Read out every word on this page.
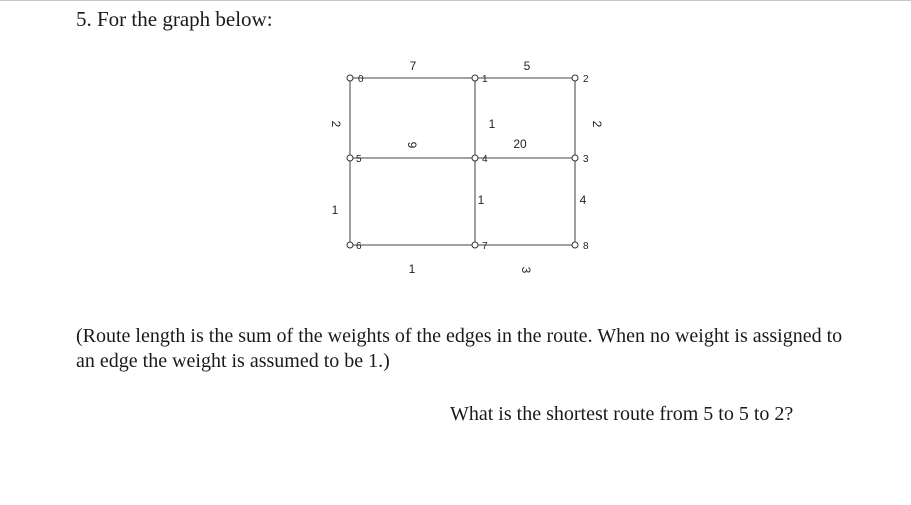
5. For the graph below:
7	5
2	1	2
9	20
1
1	4
1	3
0	1	2
3
4
5
6	7	8
(Route length is the sum of the weights of the edges in the route. When no weight is assigned to an edge the weight is assumed to be 1.)
What is the shortest route from 5 to 5 to 2?
